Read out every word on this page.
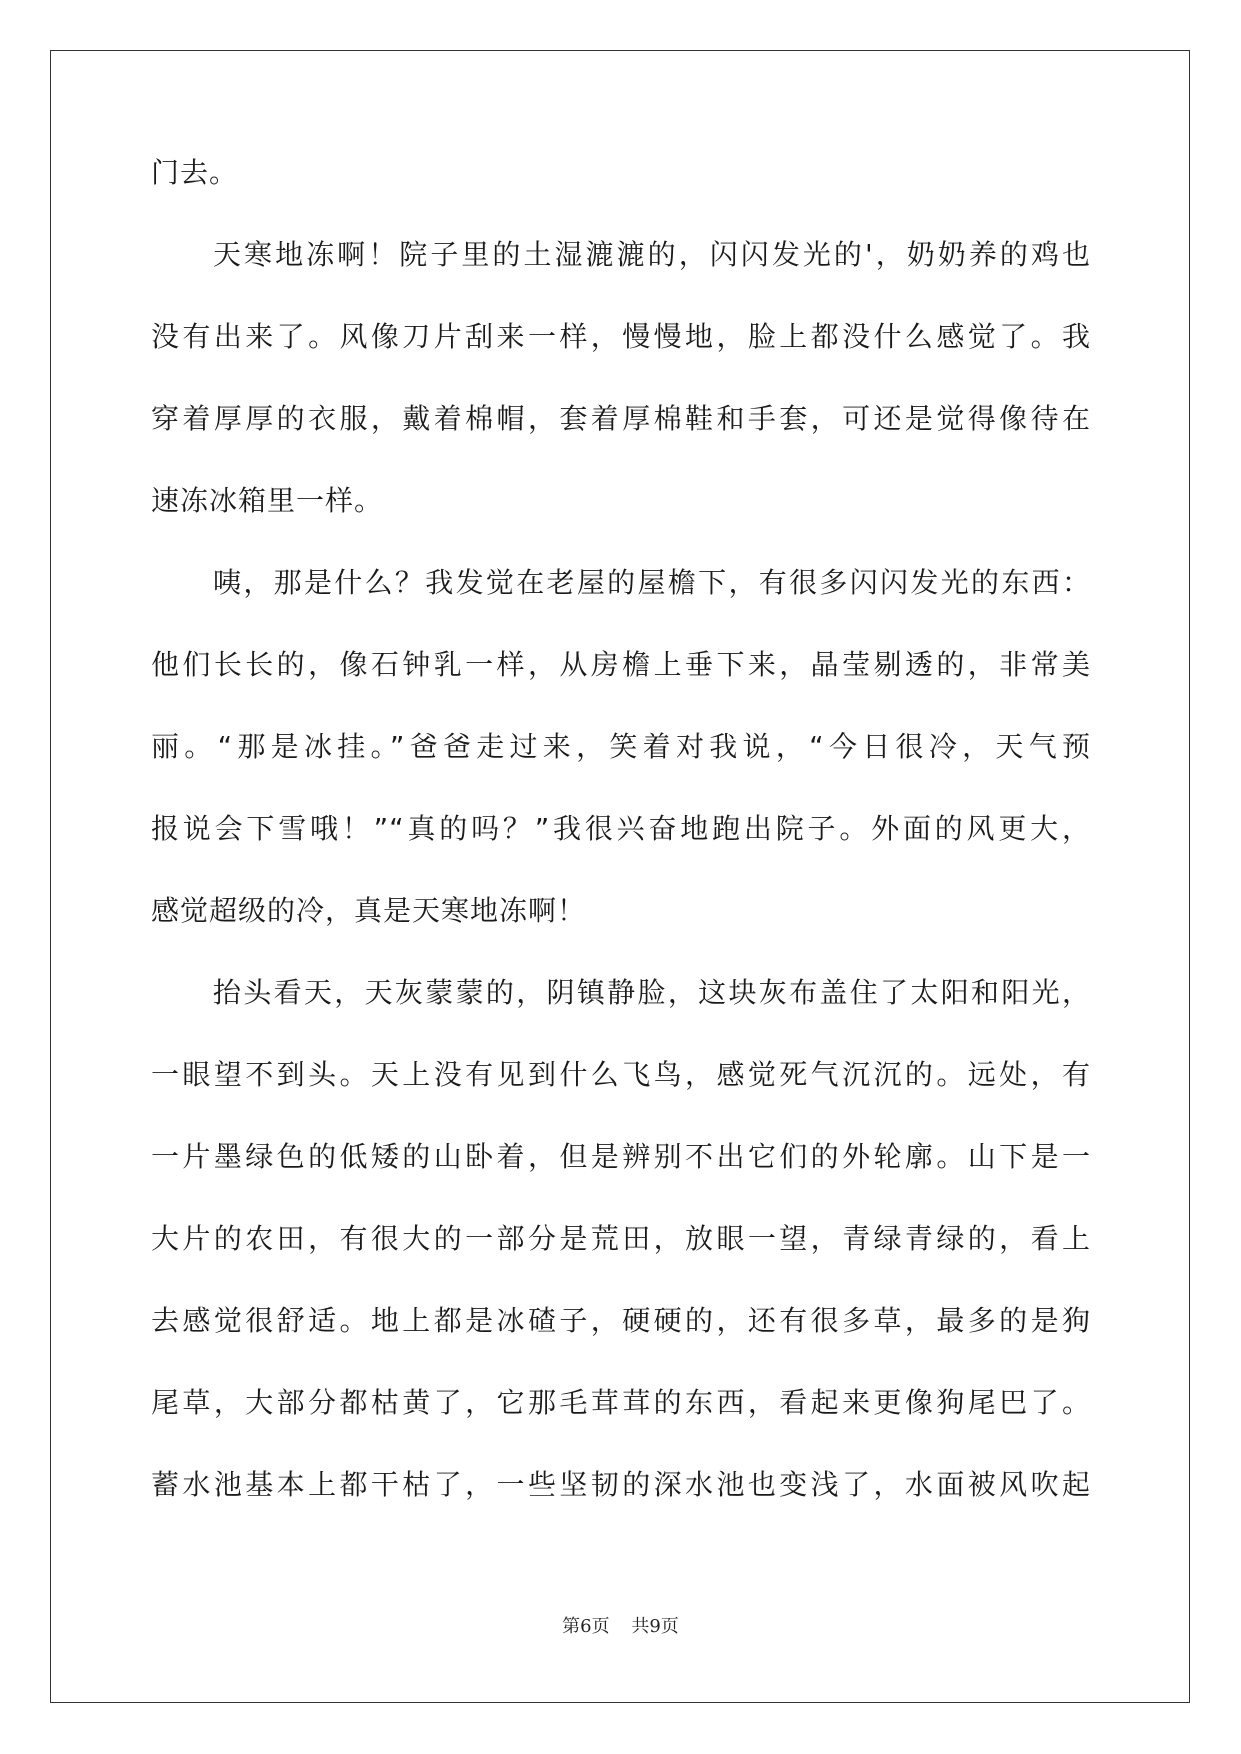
门去。
天寒地冻啊！院子里的土湿漉漉的，闪闪发光的'，奶奶养的鸡也
没有出来了。风像刀片刮来一样，慢慢地，脸上都没什么感觉了。我
穿着厚厚的衣服，戴着棉帽，套着厚棉鞋和手套，可还是觉得像待在
速冻冰箱里一样。
咦，那是什么？我发觉在老屋的屋檐下，有很多闪闪发光的东西：
他们长长的，像石钟乳一样，从房檐上垂下来，晶莹剔透的，非常美
丽。“那是冰挂。”爸爸走过来，笑着对我说，“今日很冷，天气预
报说会下雪哦！”“真的吗？”我很兴奋地跑出院子。外面的风更大，
感觉超级的冷，真是天寒地冻啊！
抬头看天，天灰蒙蒙的，阴镇静脸，这块灰布盖住了太阳和阳光，
一眼望不到头。天上没有见到什么飞鸟，感觉死气沉沉的。远处，有
一片墨绿色的低矮的山卧着，但是辨别不出它们的外轮廓。山下是一
大片的农田，有很大的一部分是荒田，放眼一望，青绿青绿的，看上
去感觉很舒适。地上都是冰碴子，硬硬的，还有很多草，最多的是狗
尾草，大部分都枯黄了，它那毛茸茸的东西，看起来更像狗尾巴了。
蓄水池基本上都干枯了，一些坚韧的深水池也变浅了，水面被风吹起
第6页 共9页
